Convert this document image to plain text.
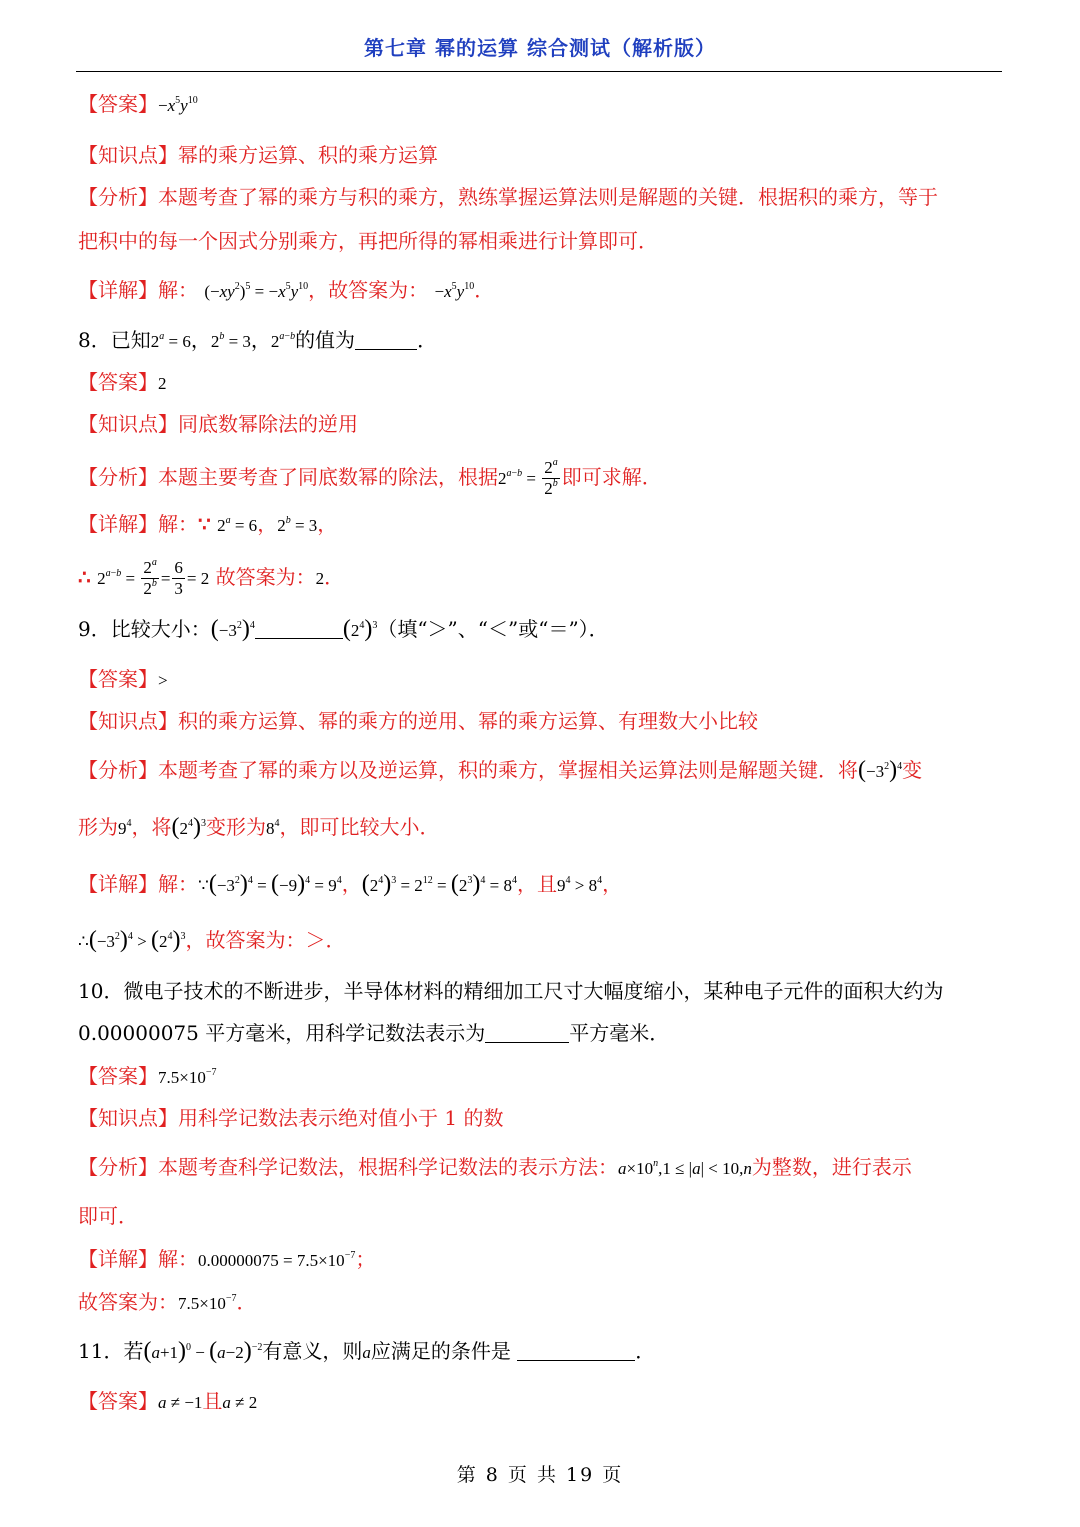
第七章 幂的运算 综合测试（解析版）
【答案】$-x^5y^{10}$
【知识点】幂的乘方运算、积的乘方运算
【分析】本题考查了幂的乘方与积的乘方，熟练掌握运算法则是解题的关键．根据积的乘方，等于
把积中的每一个因式分别乘方，再把所得的幂相乘进行计算即可．
【详解】解： $(-xy^2)^5 = -x^5y^{10}$，故答案为： $-x^5y^{10}$．
8．已知$2^a = 6$，$2^b = 3$，$2^{a-b}$的值为	．
【答案】2
【知识点】同底数幂除法的逆用
【分析】本题主要考查了同底数幂的除法，根据$2^{a-b} = \frac{2^a}{2^b}$ 即可求解．
【详解】解：∵ $2^a = 6$，$2^b = 3$，
∴ $2^{a-b} = \frac{2^a}{2^b} = \frac{6}{3} = 2$ 故答案为：2．
9．比较大小：$(-3^2)^4$	$(2^4)^3$（填“＞”、“＜”或“＝”）．
【答案】>
【知识点】积的乘方运算、幂的乘方的逆用、幂的乘方运算、有理数大小比较
【分析】本题考查了幂的乘方以及逆运算，积的乘方，掌握相关运算法则是解题关键．将$(-3^2)^4$变
形为$9^4$，将$(2^4)^3$变形为$8^4$，即可比较大小．
【详解】解：$\because(-3^2)^4 = (-9)^4 = 9^4$，$(2^4)^3 = 2^{12} = (2^3)^4 = 8^4$，且$9^4 > 8^4$，
$\therefore(-3^2)^4 > (2^4)^3$，故答案为：＞．
10．微电子技术的不断进步，半导体材料的精细加工尺寸大幅度缩小，某种电子元件的面积大约为
0.00000075 平方毫米，用科学记数法表示为	平方毫米．
【答案】$7.5\times 10^{-7}$
【知识点】用科学记数法表示绝对值小于 1 的数
【分析】本题考查科学记数法，根据科学记数法的表示方法：$a\times 10^n,1 \le |a| < 10,n$为整数，进行表示
即可．
【详解】解：$0.00000075 = 7.5\times 10^{-7}$；
故答案为：$7.5\times 10^{-7}$．
11．若$(a+1)^0 - (a-2)^{-2}$有意义，则a应满足的条件是	．
【答案】a ≠ −1且a ≠ 2
第 8 页 共 19 页
